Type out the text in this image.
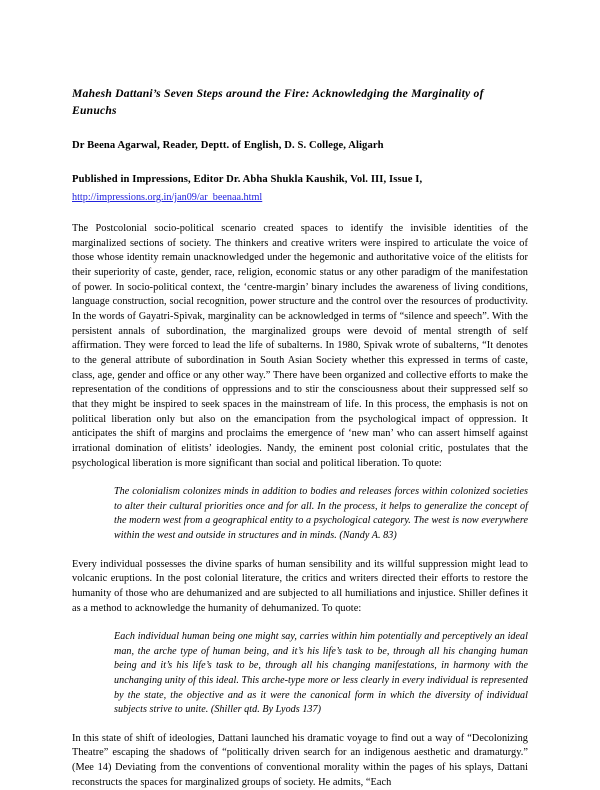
Mahesh Dattani’s Seven Steps around the Fire: Acknowledging the Marginality of Eunuchs

Dr Beena Agarwal, Reader, Deptt. of English, D. S. College, Aligarh

Published in Impressions, Editor Dr. Abha Shukla Kaushik, Vol. III, Issue I,

http://impressions.org.in/jan09/ar_beenaa.html

The Postcolonial socio-political scenario created spaces to identify the invisible identities of the marginalized sections of society. The thinkers and creative writers were inspired to articulate the voice of those whose identity remain unacknowledged under the hegemonic and authoritative voice of the elitists for their superiority of caste, gender, race, religion, economic status or any other paradigm of the manifestation of power. In socio-political context, the ‘centre-margin’ binary includes the awareness of living conditions, language construction, social recognition, power structure and the control over the resources of productivity. In the words of Gayatri-Spivak, marginality can be acknowledged in terms of “silence and speech”. With the persistent annals of subordination, the marginalized groups were devoid of mental strength of self affirmation. They were forced to lead the life of subalterns. In 1980, Spivak wrote of subalterns, “It denotes to the general attribute of subordination in South Asian Society whether this expressed in terms of caste, class, age, gender and office or any other way.” There have been organized and collective efforts to make the representation of the conditions of oppressions and to stir the consciousness about their suppressed self so that they might be inspired to seek spaces in the mainstream of life. In this process, the emphasis is not on political liberation only but also on the emancipation from the psychological impact of oppression. It anticipates the shift of margins and proclaims the emergence of ‘new man’ who can assert himself against irrational domination of elitists’ ideologies. Nandy, the eminent post colonial critic, postulates that the psychological liberation is more significant than social and political liberation. To quote:

The colonialism colonizes minds in addition to bodies and releases forces within colonized societies to alter their cultural priorities once and for all. In the process, it helps to generalize the concept of the modern west from a geographical entity to a psychological category. The west is now everywhere within the west and outside in structures and in minds. (Nandy A. 83)

Every individual possesses the divine sparks of human sensibility and its willful suppression might lead to volcanic eruptions. In the post colonial literature, the critics and writers directed their efforts to restore the humanity of those who are dehumanized and are subjected to all humiliations and injustice. Shiller defines it as a method to acknowledge the humanity of dehumanized. To quote:

Each individual human being one might say, carries within him potentially and perceptively an ideal man, the arche type of human being, and it’s his life’s task to be, through all his changing human being and it’s his life’s task to be, through all his changing manifestations, in harmony with the unchanging unity of this ideal. This arche-type more or less clearly in every individual is represented by the state, the objective and as it were the canonical form in which the diversity of individual subjects strive to unite. (Shiller qtd. By Lyods 137)

In this state of shift of ideologies, Dattani launched his dramatic voyage to find out a way of “Decolonizing Theatre” escaping the shadows of “politically driven search for an indigenous aesthetic and dramaturgy.” (Mee 14) Deviating from the conventions of conventional morality within the pages of his splays, Dattani reconstructs the spaces for marginalized groups of society. He admits, “Each
